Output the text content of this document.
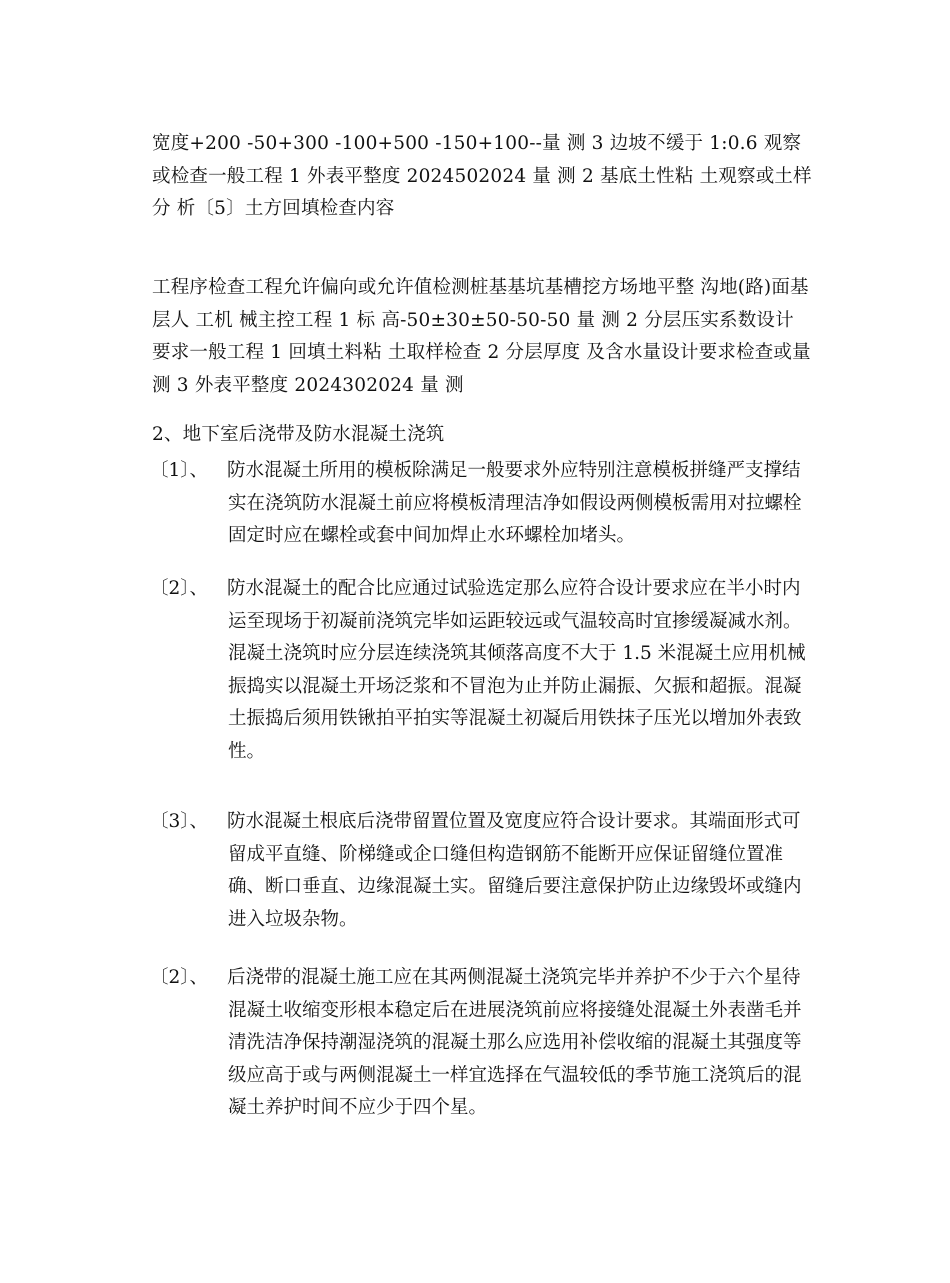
宽度+200 -50+300 -100+500 -150+100--量 测 3 边坡不缓于 1:0.6 观察或检查一般工程 1 外表平整度 2024502024 量 测 2 基底土性粘 土观察或土样分 析〔5〕土方回填检查内容
工程序检查工程允许偏向或允许值检测桩基基坑基槽挖方场地平整 沟地(路)面基 层人 工机 械主控工程 1 标 高-50±30±50-50-50 量 测 2 分层压实系数设计要求一般工程 1 回填土料粘 土取样检查 2 分层厚度 及含水量设计要求检查或量测 3 外表平整度 2024302024 量 测
2、地下室后浇带及防水混凝土浇筑
〔1〕、 防水混凝土所用的模板除满足一般要求外应特别注意模板拼缝严支撑结实在浇筑防水混凝土前应将模板清理洁净如假设两侧模板需用对拉螺栓固定时应在螺栓或套中间加焊止水环螺栓加堵头。
〔2〕、 防水混凝土的配合比应通过试验选定那么应符合设计要求应在半小时内运至现场于初凝前浇筑完毕如运距较远或气温较高时宜掺缓凝减水剂。混凝土浇筑时应分层连续浇筑其倾落高度不大于 1.5 米混凝土应用机械振捣实以混凝土开场泛浆和不冒泡为止并防止漏振、欠振和超振。混凝土振捣后须用铁锹拍平拍实等混凝土初凝后用铁抹子压光以增加外表致性。
〔3〕、 防水混凝土根底后浇带留置位置及宽度应符合设计要求。其端面形式可留成平直缝、阶梯缝或企口缝但构造钢筋不能断开应保证留缝位置准确、断口垂直、边缘混凝土实。留缝后要注意保护防止边缘毁坏或缝内进入垃圾杂物。
〔2〕、 后浇带的混凝土施工应在其两侧混凝土浇筑完毕并养护不少于六个星待混凝土收缩变形根本稳定后在进展浇筑前应将接缝处混凝土外表凿毛并清洗洁净保持潮湿浇筑的混凝土那么应选用补偿收缩的混凝土其强度等级应高于或与两侧混凝土一样宜选择在气温较低的季节施工浇筑后的混凝土养护时间不应少于四个星。
